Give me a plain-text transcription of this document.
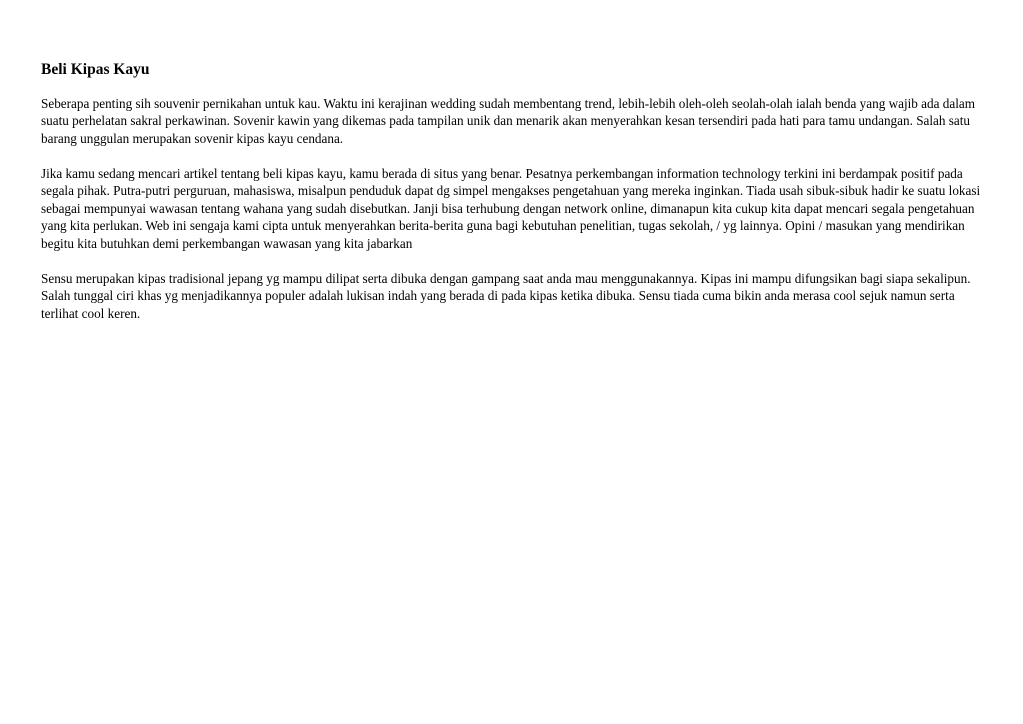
Beli Kipas Kayu

Seberapa penting sih souvenir pernikahan untuk kau. Waktu ini kerajinan wedding sudah membentang trend, lebih-lebih oleh-oleh seolah-olah ialah benda yang wajib ada dalam suatu perhelatan sakral perkawinan. Sovenir kawin yang dikemas pada tampilan unik dan menarik akan menyerahkan kesan tersendiri pada hati para tamu undangan. Salah satu barang unggulan merupakan sovenir kipas kayu cendana.

Jika kamu sedang mencari artikel tentang beli kipas kayu, kamu berada di situs yang benar. Pesatnya perkembangan information technology terkini ini berdampak positif pada segala pihak. Putra-putri perguruan, mahasiswa, misalpun penduduk dapat dg simpel mengakses pengetahuan yang mereka inginkan. Tiada usah sibuk-sibuk hadir ke suatu lokasi sebagai mempunyai wawasan tentang wahana yang sudah disebutkan. Janji bisa terhubung dengan network online, dimanapun kita cukup kita dapat mencari segala pengetahuan yang kita perlukan. Web ini sengaja kami cipta untuk menyerahkan berita-berita guna bagi kebutuhan penelitian, tugas sekolah, / yg lainnya. Opini / masukan yang mendirikan begitu kita butuhkan demi perkembangan wawasan yang kita jabarkan

Sensu merupakan kipas tradisional jepang yg mampu dilipat serta dibuka dengan gampang saat anda mau menggunakannya. Kipas ini mampu difungsikan bagi siapa sekalipun. Salah tunggal ciri khas yg menjadikannya populer adalah lukisan indah yang berada di pada kipas ketika dibuka. Sensu tiada cuma bikin anda merasa cool sejuk namun serta terlihat cool keren.
